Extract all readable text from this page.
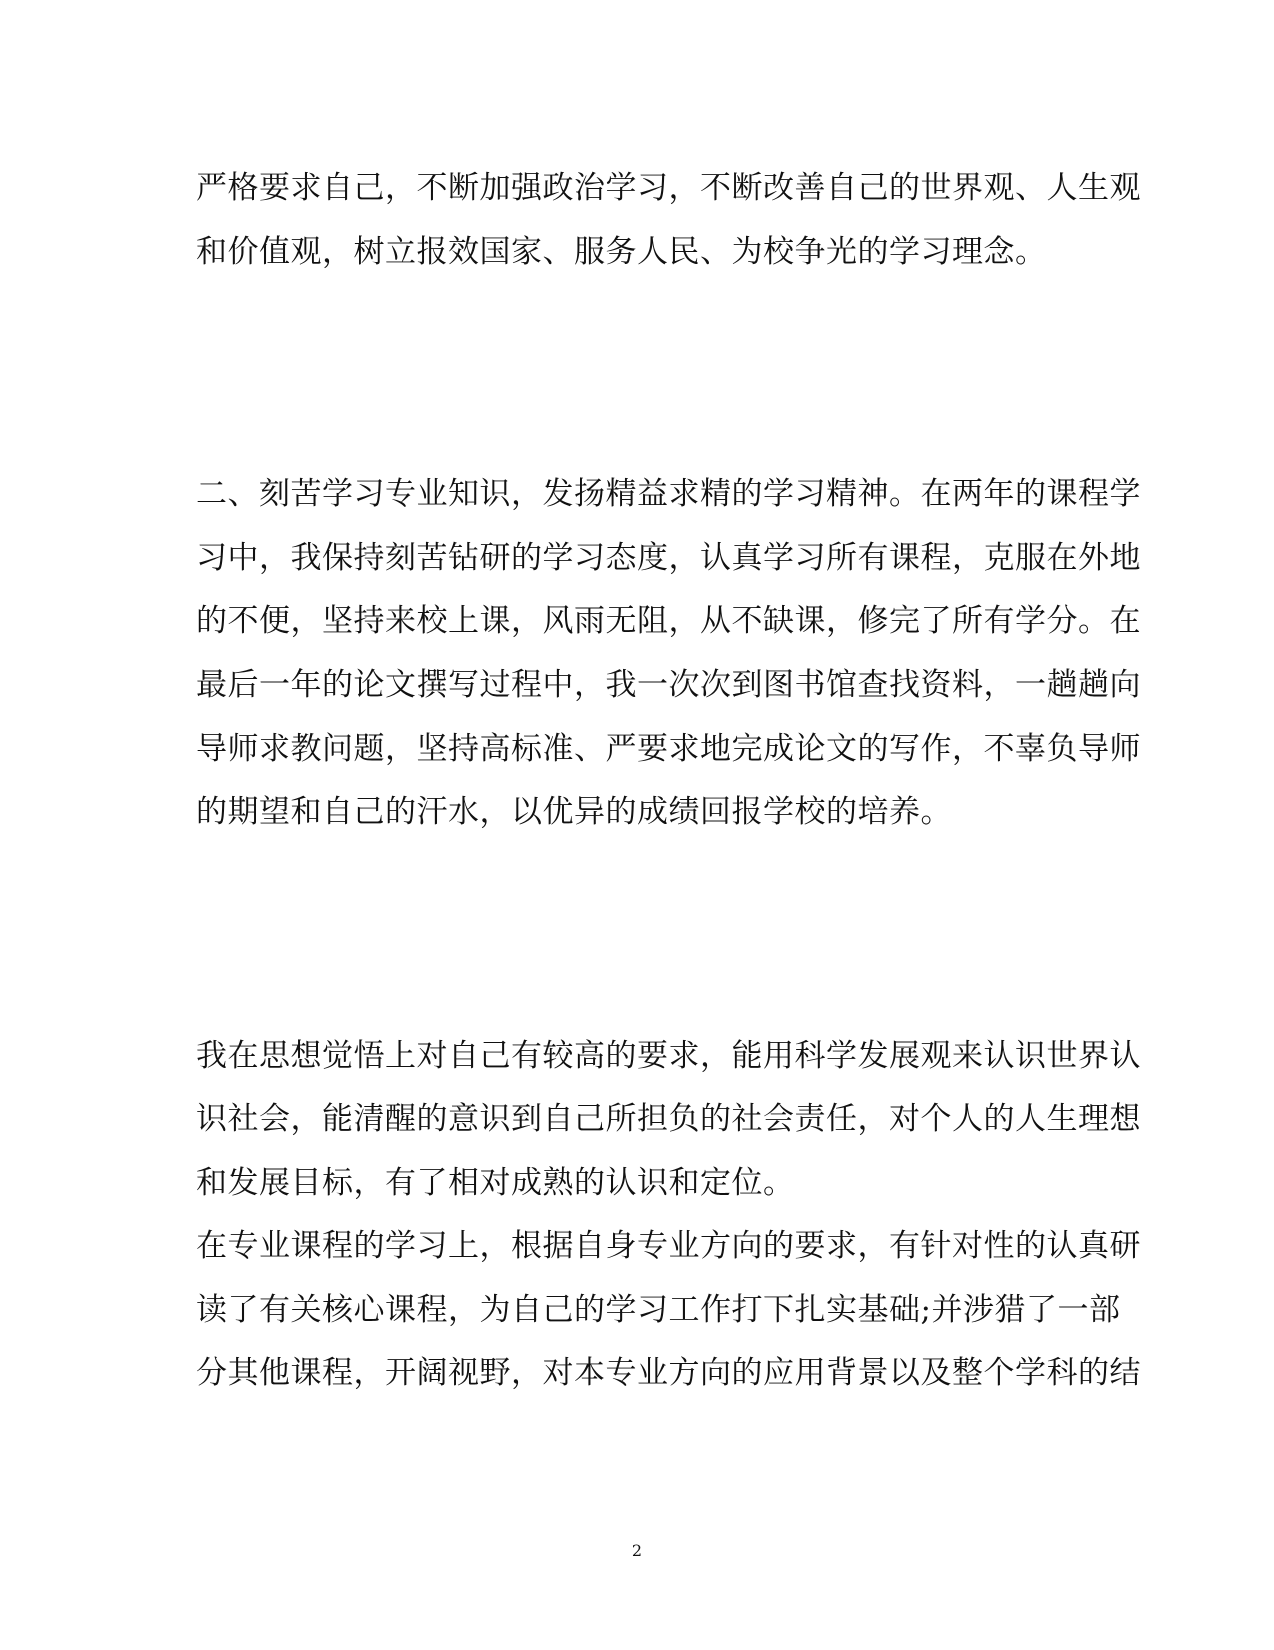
严格要求自己，不断加强政治学习，不断改善自己的世界观、人生观
和价值观，树立报效国家、服务人民、为校争光的学习理念。
二、刻苦学习专业知识，发扬精益求精的学习精神。在两年的课程学
习中，我保持刻苦钻研的学习态度，认真学习所有课程，克服在外地
的不便，坚持来校上课，风雨无阻，从不缺课，修完了所有学分。在
最后一年的论文撰写过程中，我一次次到图书馆查找资料，一趟趟向
导师求教问题，坚持高标准、严要求地完成论文的写作，不辜负导师
的期望和自己的汗水，以优异的成绩回报学校的培养。
我在思想觉悟上对自己有较高的要求，能用科学发展观来认识世界认
识社会，能清醒的意识到自己所担负的社会责任，对个人的人生理想
和发展目标，有了相对成熟的认识和定位。
在专业课程的学习上，根据自身专业方向的要求，有针对性的认真研
读了有关核心课程，为自己的学习工作打下扎实基础;并涉猎了一部
分其他课程，开阔视野，对本专业方向的应用背景以及整个学科的结
2
